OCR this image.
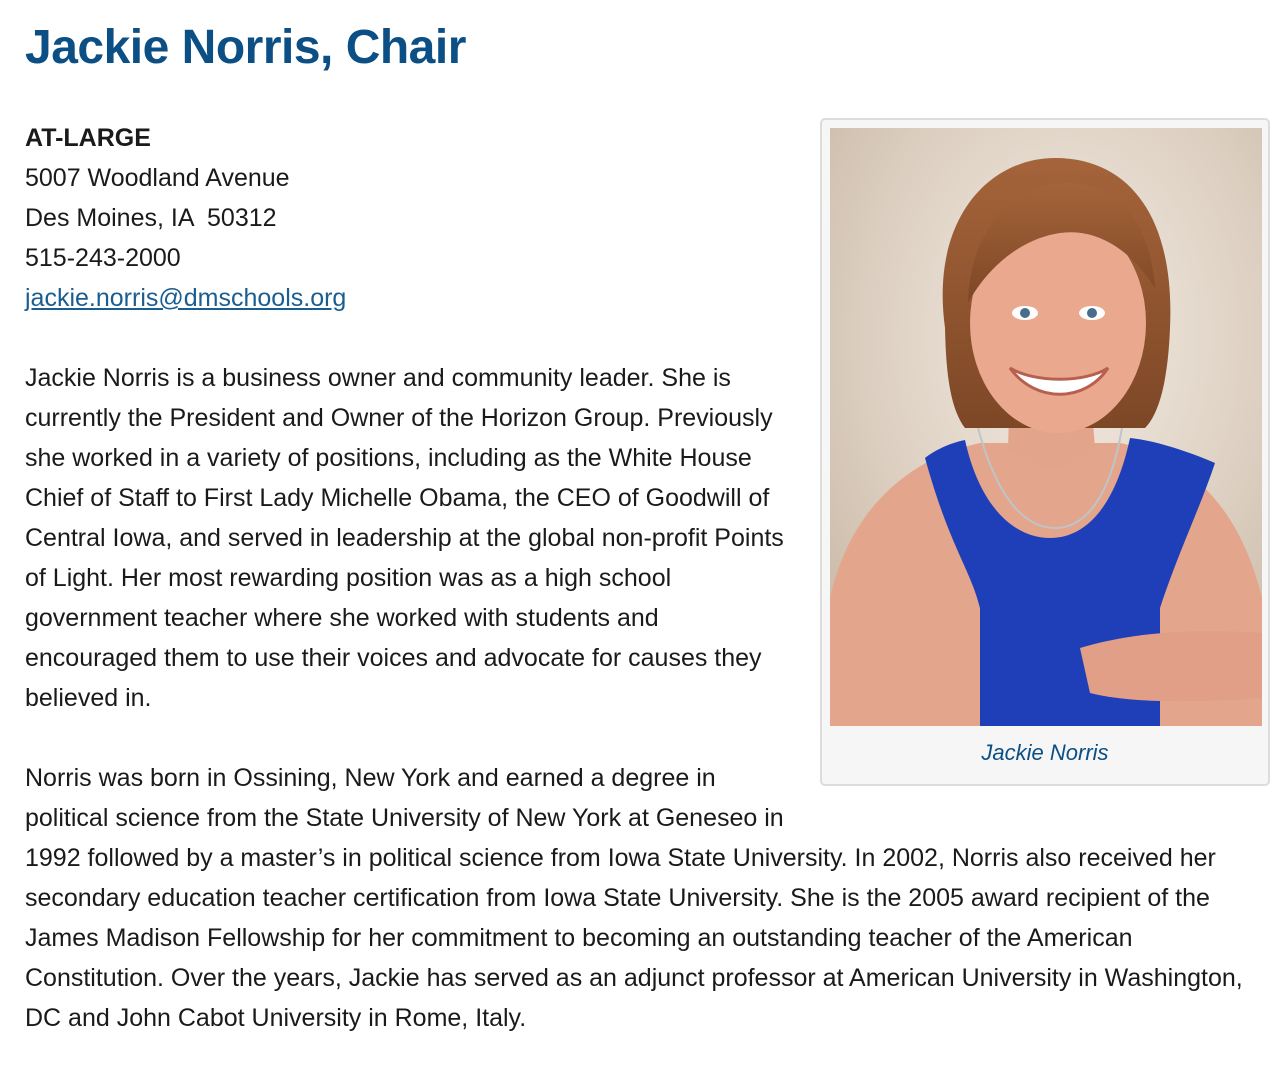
Jackie Norris, Chair
Jackie Norris
AT-LARGE
5007 Woodland Avenue
Des Moines, IA  50312
515-243-2000
jackie.norris@dmschools.org

Jackie Norris is a business owner and community leader. She is currently the President and Owner of the Horizon Group. Previously she worked in a variety of positions, including as the White House Chief of Staff to First Lady Michelle Obama, the CEO of Goodwill of Central Iowa, and served in leadership at the global non-profit Points of Light. Her most rewarding position was as a high school government teacher where she worked with students and encouraged them to use their voices and advocate for causes they believed in.

Norris was born in Ossining, New York and earned a degree in political science from the State University of New York at Geneseo in 1992 followed by a master’s in political science from Iowa State University. In 2002, Norris also received her secondary education teacher certification from Iowa State University. She is the 2005 award recipient of the James Madison Fellowship for her commitment to becoming an outstanding teacher of the American Constitution. Over the years, Jackie has served as an adjunct professor at American University in Washington, DC and John Cabot University in Rome, Italy.
